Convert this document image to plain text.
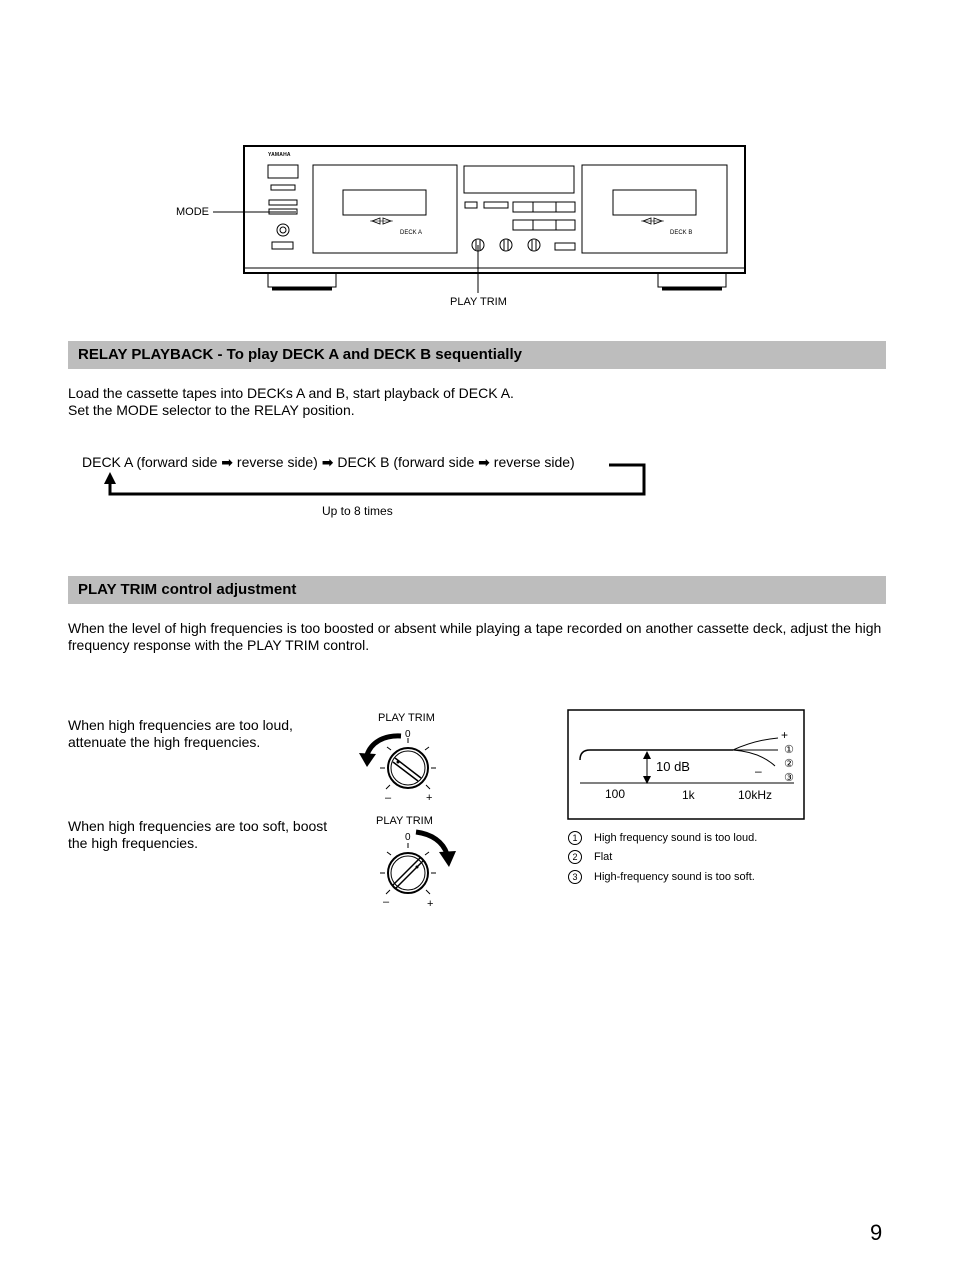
YAMAHA
MODE
DECK A	DECK B
PLAY TRIM
RELAY PLAYBACK - To play DECK A and DECK B sequentially
Load the cassette tapes into DECKs A and B, start playback of DECK A.
Set the MODE selector to the RELAY position.
DECK A (forward side ➡ reverse side) ➡ DECK B (forward side ➡ reverse side)
Up to 8 times
PLAY TRIM control adjustment
When the level of high frequencies is too boosted or absent while playing a tape recorded on another cassette deck, adjust the high frequency response with the PLAY TRIM control.
When high frequencies are too loud, attenuate the high frequencies.
When high frequencies are too soft, boost the high frequencies.
PLAY TRIM
0
–	+
PLAY TRIM
0
–	+
10 dB
100	1k	10kHz
+
–
①
②
③
1 High frequency sound is too loud.
2 Flat
3 High-frequency sound is too soft.
9
